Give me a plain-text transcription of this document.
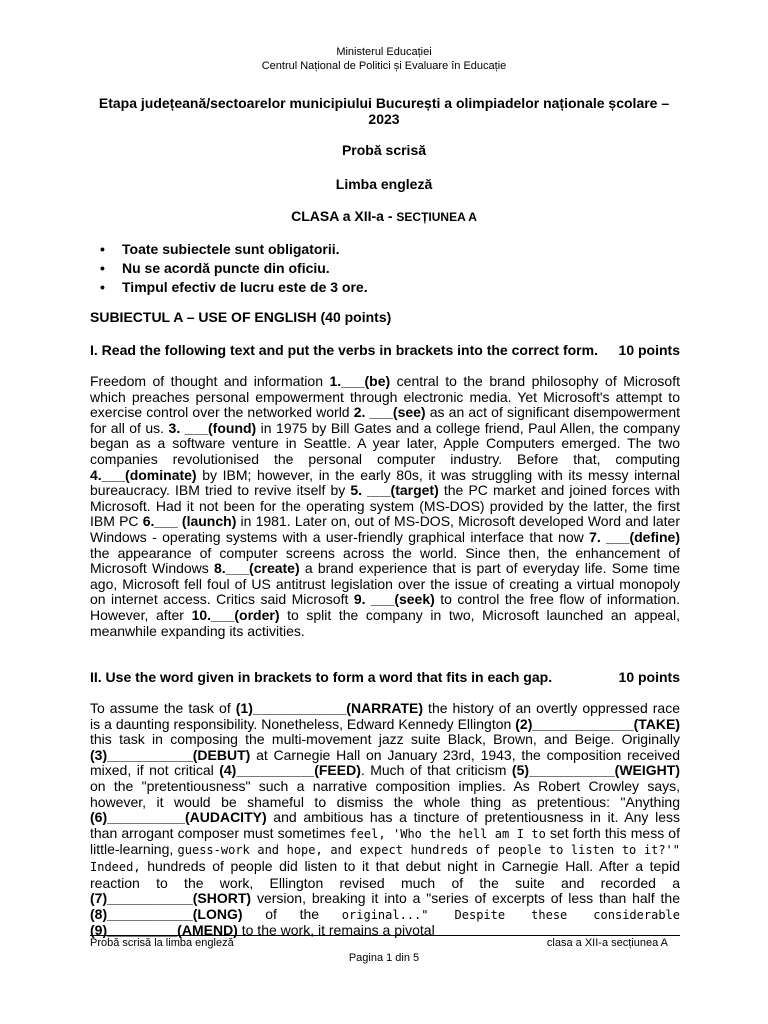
Ministerul Educației
Centrul Național de Politici și Evaluare în Educație
Etapa județeană/sectoarelor municipiului București a olimpiadelor naționale școlare –
2023
Probă scrisă
Limba engleză
CLASA a XII-a - SECȚIUNEA A
• Toate subiectele sunt obligatorii.
• Nu se acordă puncte din oficiu.
• Timpul efectiv de lucru este de 3 ore.
SUBIECTUL A – USE OF ENGLISH (40 points)
I. Read the following text and put the verbs in brackets into the correct form. 10 points
Freedom of thought and information 1.___(be) central to the brand philosophy of Microsoft which preaches personal empowerment through electronic media. Yet Microsoft's attempt to exercise control over the networked world 2. ___(see) as an act of significant disempowerment for all of us. 3. ___(found) in 1975 by Bill Gates and a college friend, Paul Allen, the company began as a software venture in Seattle. A year later, Apple Computers emerged. The two companies revolutionised the personal computer industry. Before that, computing 4.___(dominate) by IBM; however, in the early 80s, it was struggling with its messy internal bureaucracy. IBM tried to revive itself by 5. ___(target) the PC market and joined forces with Microsoft. Had it not been for the operating system (MS-DOS) provided by the latter, the first IBM PC 6.___ (launch) in 1981. Later on, out of MS-DOS, Microsoft developed Word and later Windows - operating systems with a user-friendly graphical interface that now 7. ___(define) the appearance of computer screens across the world. Since then, the enhancement of Microsoft Windows 8.___(create) a brand experience that is part of everyday life. Some time ago, Microsoft fell foul of US antitrust legislation over the issue of creating a virtual monopoly on internet access. Critics said Microsoft 9. ___(seek) to control the free flow of information. However, after 10.___(order) to split the company in two, Microsoft launched an appeal, meanwhile expanding its activities.
II. Use the word given in brackets to form a word that fits in each gap.	10 points
To assume the task of (1)____________(NARRATE) the history of an overtly oppressed race is a daunting responsibility. Nonetheless, Edward Kennedy Ellington (2)_____________(TAKE) this task in composing the multi-movement jazz suite Black, Brown, and Beige. Originally (3)___________(DEBUT) at Carnegie Hall on January 23rd, 1943, the composition received mixed, if not critical (4)__________(FEED). Much of that criticism (5)___________(WEIGHT) on the "pretentiousness" such a narrative composition implies. As Robert Crowley says, however, it would be shameful to dismiss the whole thing as pretentious: "Anything (6)__________(AUDACITY) and ambitious has a tincture of pretentiousness in it. Any less than arrogant composer must sometimes feel, 'Who the hell am I to set forth this mess of little-learning, guess-work and hope, and expect hundreds of people to listen to it?'" Indeed, hundreds of people did listen to it that debut night in Carnegie Hall. After a tepid reaction to the work, Ellington revised much of the suite and recorded a (7)___________(SHORT) version, breaking it into a "series of excerpts of less than half the (8)___________(LONG) of the original..." Despite these considerable (9)_________(AMEND) to the work, it remains a pivotal
Probă scrisă la limba engleză	clasa a XII-a secțiunea A
Pagina 1 din 5
